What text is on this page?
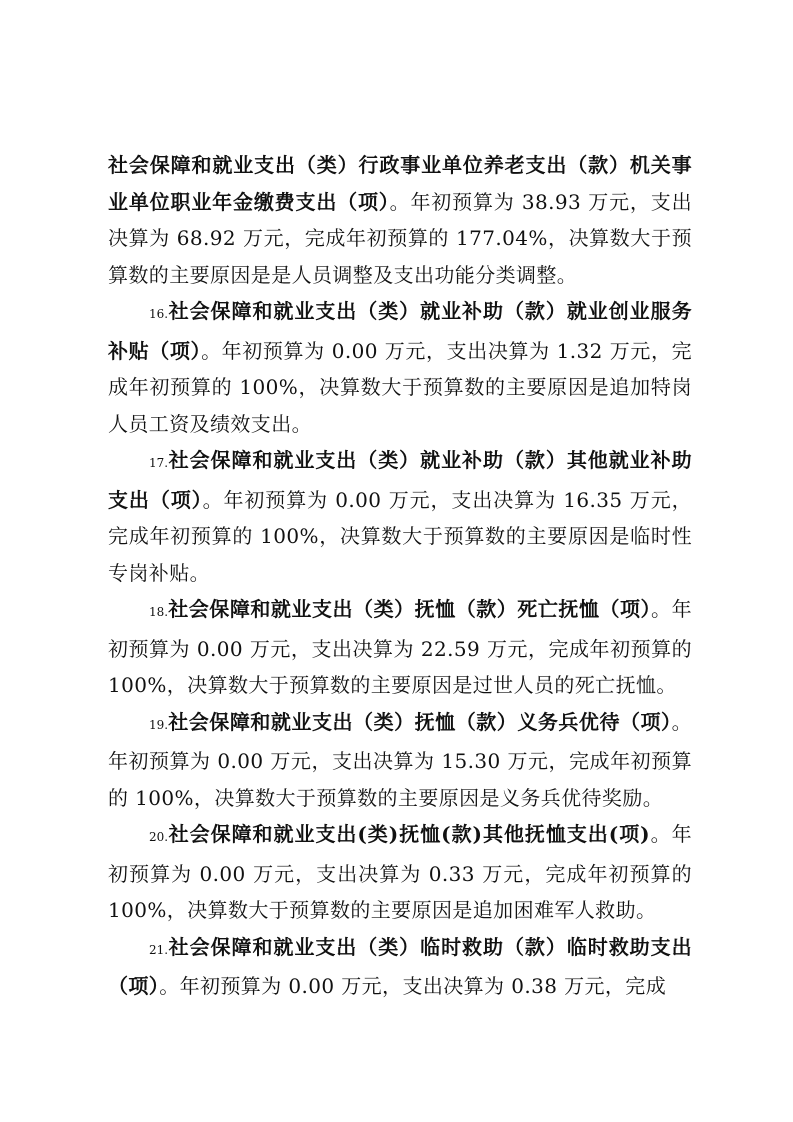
社会保障和就业支出（类）行政事业单位养老支出（款）机关事业单位职业年金缴费支出（项）。年初预算为 38.93 万元，支出决算为 68.92 万元，完成年初预算的 177.04%，决算数大于预算数的主要原因是是人员调整及支出功能分类调整。

16.社会保障和就业支出（类）就业补助（款）就业创业服务补贴（项）。年初预算为 0.00 万元，支出决算为 1.32 万元，完成年初预算的 100%，决算数大于预算数的主要原因是追加特岗人员工资及绩效支出。

17.社会保障和就业支出（类）就业补助（款）其他就业补助支出（项）。年初预算为 0.00 万元，支出决算为 16.35 万元，完成年初预算的 100%，决算数大于预算数的主要原因是临时性专岗补贴。

18.社会保障和就业支出（类）抚恤（款）死亡抚恤（项）。年初预算为 0.00 万元，支出决算为 22.59 万元，完成年初预算的 100%，决算数大于预算数的主要原因是过世人员的死亡抚恤。

19.社会保障和就业支出（类）抚恤（款）义务兵优待（项）。年初预算为 0.00 万元，支出决算为 15.30 万元，完成年初预算的 100%，决算数大于预算数的主要原因是义务兵优待奖励。

20.社会保障和就业支出(类)抚恤(款)其他抚恤支出(项)。年初预算为 0.00 万元，支出决算为 0.33 万元，完成年初预算的 100%，决算数大于预算数的主要原因是追加困难军人救助。

21.社会保障和就业支出（类）临时救助（款）临时救助支出（项）。年初预算为 0.00 万元，支出决算为 0.38 万元，完成
